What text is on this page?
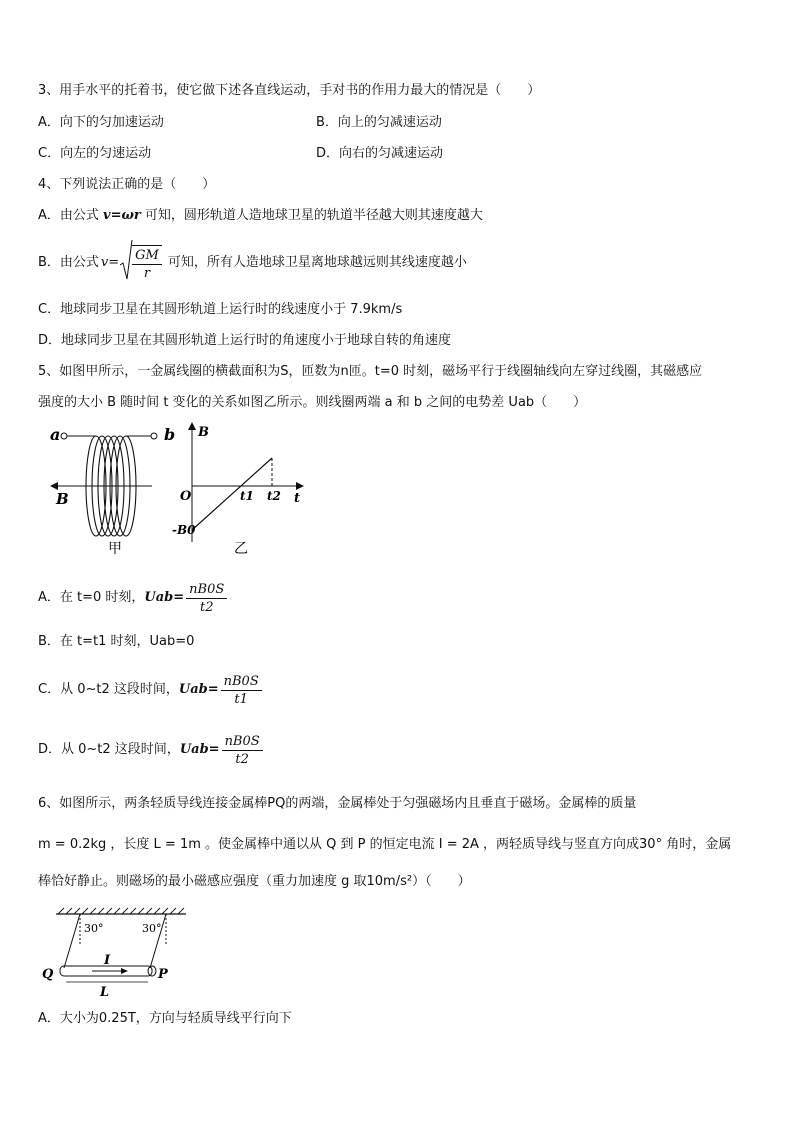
3、用手水平的托着书，使它做下述各直线运动，手对书的作用力最大的情况是（　　）
A．向下的匀加速运动	B．向上的匀减速运动
C．向左的匀速运动	D．向右的匀减速运动
4、下列说法正确的是（　　）
A．由公式 v=ωr 可知，圆形轨道人造地球卫星的轨道半径越大则其速度越大
B．由公式 $v= \frac{GM}{r}$ 可知，所有人造地球卫星离地球越远则其线速度越小
C．地球同步卫星在其圆形轨道上运行时的线速度小于 7.9km/s
D．地球同步卫星在其圆形轨道上运行时的角速度小于地球自转的角速度
5、如图甲所示，一金属线圈的横截面积为S，匝数为n匝。t=0 时刻，磁场平行于线圈轴线向左穿过线圈，其磁感应
强度的大小 B 随时间 t 变化的关系如图乙所示。则线圈两端 a 和 b 之间的电势差 Uab（　　）
a	b
B
甲
B
t
O	t1 t2
-B0
乙
A．在 t=0 时刻， $Uab= \frac{nB0S}{t2}$
B．在 t=t1 时刻，Uab=0
C．从 0~t2 这段时间， $Uab= \frac{nB0S}{t1}$
D．从 0~t2 这段时间， $Uab= \frac{nB0S}{t2}$
6、如图所示，两条轻质导线连接金属棒PQ的两端，金属棒处于匀强磁场内且垂直于磁场。金属棒的质量
m = 0.2kg ，长度 L = 1m 。使金属棒中通以从 Q 到 P 的恒定电流 I = 2A ，两轻质导线与竖直方向成30° 角时，金属
棒恰好静止。则磁场的最小磁感应强度（重力加速度 g 取10m/s²）（　　）
30°	30°
I
Q	P
L
A．大小为0.25T，方向与轻质导线平行向下
